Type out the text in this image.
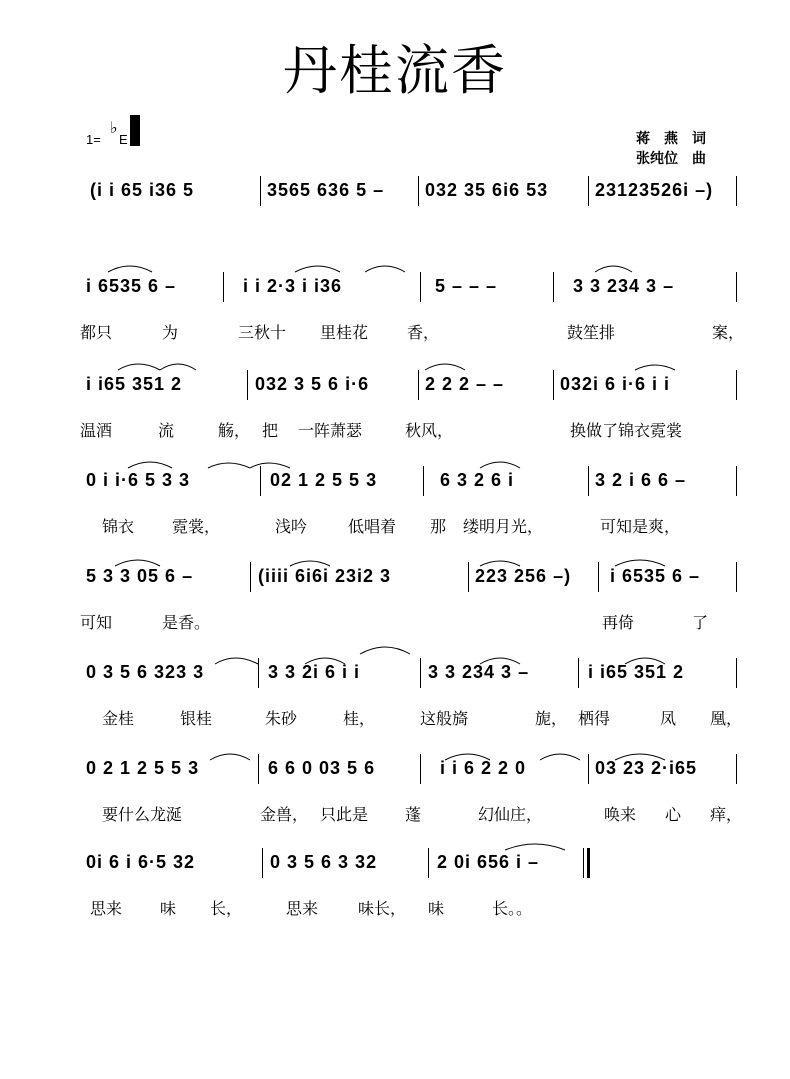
丹桂流香
1=
♭
E	蒋　燕　词
张纯位　曲
(i i 65 i36 5	3565 636 5 – 032 35 6i6 53	23123526i –)
i 6535 6 –	i i 2·3 i i36	5 – – –	3 3 234 3 –
都只	为	三秋十 里桂花 香，	鼓笙排	案，
i i65 351 2	032 3 5 6 i·6	2 2 2 – –	032i 6 i·6 i i
温酒	流	觞， 把 一阵萧瑟	秋风，	换做了锦衣霓裳
0 i i·6 5 3 3	02 1 2 5 5 3	6 3 2 6 i	3 2 i 6 6 –
锦衣 霓裳，	浅吟	低唱着 那 缕明月光，	可知是爽，
5 3 3 05 6 –	(iiii 6i6i 23i2 3	223 256 –) i 6535 6 –
可知	是香。	再倚	了
0 3 5 6 323 3	3 3 2i 6 i i	3 3 234 3 –	i i65 351 2
金桂	银桂	朱砂	桂，	这般旖	旎， 栖得	凤 凰，
0 2 1 2 5 5 3	6 6 0 03 5 6	i i 6 2 2 0	03 23 2·i65
要什么龙涎	金兽， 只此是 蓬	幻仙庄，	唤来 心 痒，
0i 6 i 6·5 32	0 3 5 6 3 32	2 0i 656 i –
思来 味 长，	思来 味长， 味	长。。
